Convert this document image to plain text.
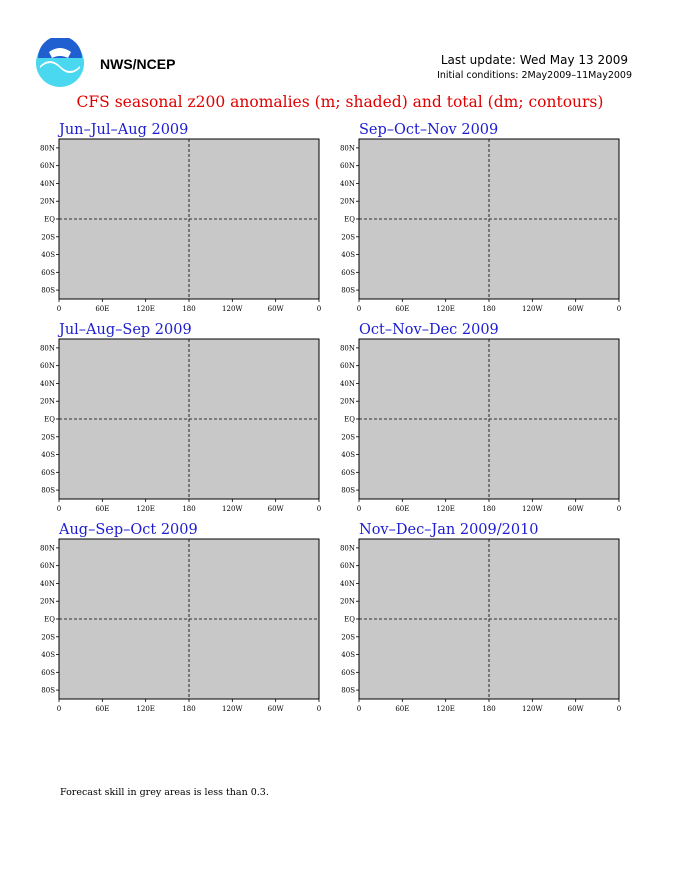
NWS/NCEP	Last update: Wed May 13 2009
Initial conditions: 2May2009–11May2009
CFS seasonal z200 anomalies (m; shaded) and total (dm; contours)
Jun–Jul–Aug 2009
80N
60N
40N
20N
EQ
20S
40S
60S
80S
0	60E	120E	180	120W	60W	0
Sep–Oct–Nov 2009
80N
60N
40N
20N
EQ
20S
40S
60S
80S
0	60E	120E	180	120W	60W	0
Jul–Aug–Sep 2009
80N
60N
40N
20N
EQ
20S
40S
60S
80S
0	60E	120E	180	120W	60W	0
Oct–Nov–Dec 2009
80N
60N
40N
20N
EQ
20S
40S
60S
80S
0	60E	120E	180	120W	60W	0
Aug–Sep–Oct 2009
80N
60N
40N
20N
EQ
20S
40S
60S
80S
0	60E	120E	180	120W	60W	0
Nov–Dec–Jan 2009/2010
80N
60N
40N
20N
EQ
20S
40S
60S
80S
0	60E	120E	180	120W	60W	0
Forecast skill in grey areas is less than 0.3.
